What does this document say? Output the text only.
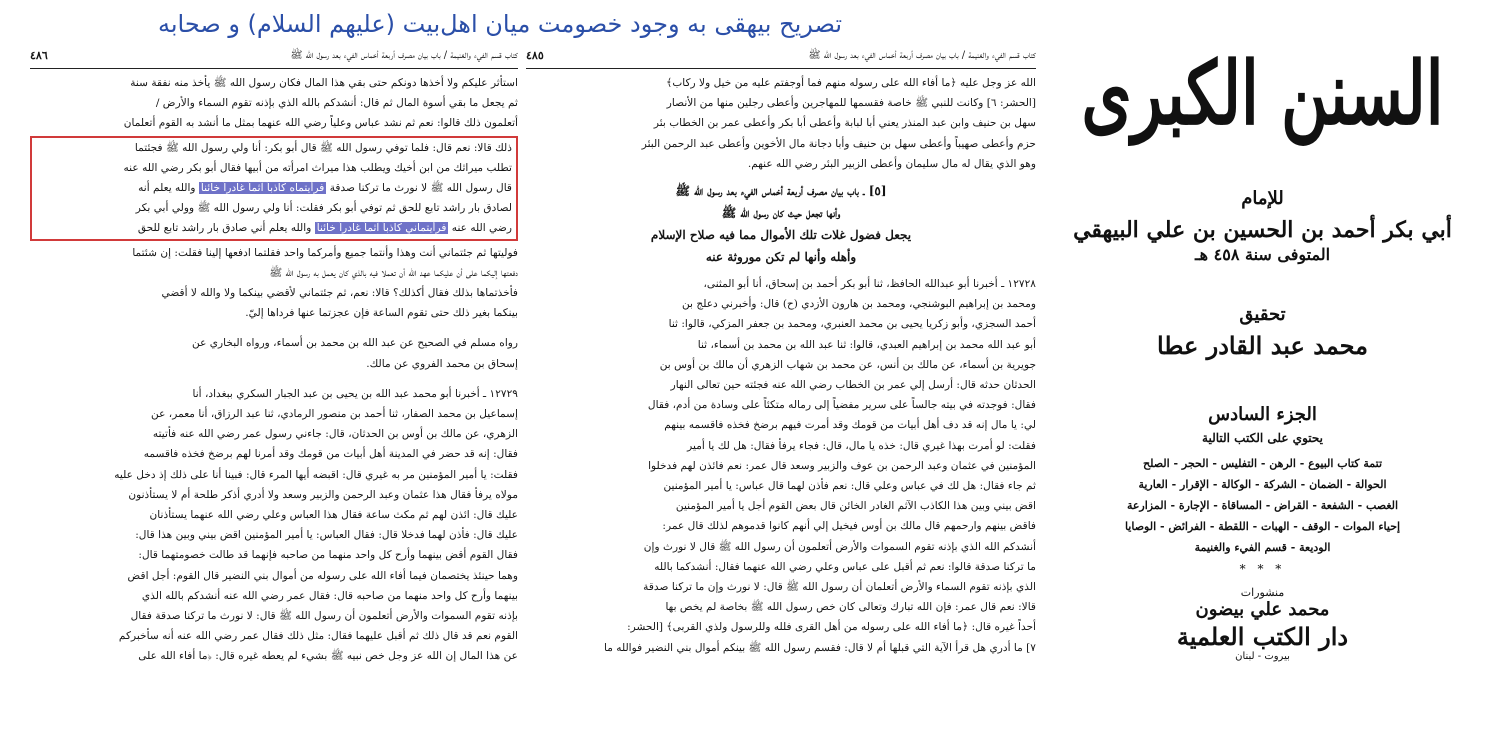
تصریح بیهقی به وجود خصومت میان اهل‌بیت (علیهم السلام) و صحابه
كتاب قسم الفيء والغنيمة / باب بيان مصرف أربعة أخماس الفيء بعد رسول الله ﷺ
٤٨٦
استأثر عليكم ولا أخذها دونكم حتى بقي هذا المال فكان رسول الله ﷺ يأخذ منه نفقة سنة
ثم يجعل ما بقي أسوة المال ثم قال: أنشدكم بالله الذي بإذنه تقوم السماء والأرض /
أتعلمون ذلك قالوا: نعم ثم نشد عباس وعلياً رضي الله عنهما بمثل ما أنشد به القوم أتعلمان
ذلك قالا: نعم قال: فلما توفي رسول الله ﷺ قال أبو بكر: أنا ولي رسول الله ﷺ فجئتما
تطلب ميراثك من ابن أخيك ويطلب هذا ميراث امرأته من أبيها فقال أبو بكر رضي الله عنه
قال رسول الله ﷺ لا نورث ما تركنا صدقة فرأيتماه كاذباً آثماً غادراً خائناً والله يعلم أنه
لصادق بار راشد تابع للحق ثم توفي أبو بكر فقلت: أنا ولي رسول الله ﷺ وولي أبي بكر
رضي الله عنه فرأيتماني كاذباً آثماً غادراً خائناً والله يعلم أني صادق بار راشد تابع للحق
فوليتها ثم جئتماني أنت وهذا وأنتما جميع وأمركما واحد فقلتما ادفعها إلينا فقلت: إن شئتما
دفعتها إليكما على أن عليكما عهد الله أن تعملا فيه بالذي كان يعمل به رسول الله ﷺ
فأخذتماها بذلك فقال أكذلك؟ قالا: نعم، ثم جئتماني لأقضي بينكما ولا والله لا أقضي
بينكما بغير ذلك حتى تقوم الساعة فإن عجزتما عنها فرداها إليّ.
رواه مسلم في الصحيح عن عبد الله بن محمد بن أسماء، ورواه البخاري عن
إسحاق بن محمد الفروي عن مالك.
١٢٧٢٩ ـ أخبرنا أبو محمد عبد الله بن يحيى بن عبد الجبار السكري ببغداد، أنا
إسماعيل بن محمد الصفار، ثنا أحمد بن منصور الرمادي، ثنا عبد الرزاق، أنا معمر، عن
الزهري، عن مالك بن أوس بن الحدثان، قال: جاءني رسول عمر رضي الله عنه فأتيته
فقال: إنه قد حضر في المدينة أهل أبيات من قومك وقد أمرنا لهم برضخ فخذه فاقسمه
فقلت: يا أمير المؤمنين مر به غيري قال: اقبضه أيها المرء قال: فبينا أنا على ذلك إذ دخل عليه
مولاه يرفأ فقال هذا عثمان وعبد الرحمن والزبير وسعد ولا أدري أذكر طلحة أم لا يستأذنون
عليك قال: ائذن لهم ثم مكث ساعة فقال هذا العباس وعلي رضي الله عنهما يستأذنان
عليك قال: فأذن لهما فدخلا قال: فقال العباس: يا أمير المؤمنين اقض بيني وبين هذا قال:
فقال القوم أقض بينهما وأرح كل واحد منهما من صاحبه فإنهما قد طالت خصومتهما قال:
وهما حينئذ يختصمان فيما أفاء الله على رسوله من أموال بني النضير قال القوم: أجل اقض
بينهما وأرح كل واحد منهما من صاحبه قال: فقال عمر رضي الله عنه أنشدكم بالله الذي
بإذنه تقوم السموات والأرض أتعلمون أن رسول الله ﷺ قال: لا نورث ما تركنا صدقة فقال
القوم نعم قد قال ذلك ثم أقبل عليهما فقال: مثل ذلك فقال عمر رضي الله عنه أنه سأخبركم
عن هذا المال إن الله عز وجل خص نبيه ﷺ بشيء لم يعطه غيره قال: ﴿ما أفاء الله على
كتاب قسم الفيء والغنيمة / باب بيان مصرف أربعة أخماس الفيء بعد رسول الله ﷺ
٤٨٥
الله عز وجل عليه ﴿ما أفاء الله على رسوله منهم فما أوجفتم عليه من خيل ولا ركاب﴾
[الحشر: ٦] وكانت للنبي ﷺ خاصة فقسمها للمهاجرين وأعطى رجلين منها من الأنصار
سهل بن حنيف وابن عبد المنذر يعني أبا لبابة وأعطى أبا بكر وأعطى عمر بن الخطاب بئر
حزم وأعطى صهيباً وأعطى سهل بن حنيف وأبا دجانة مال الأخوين وأعطى عبد الرحمن البئر
وهو الذي يقال له مال سليمان وأعطى الزبير البئر رضي الله عنهم.
[٥] ـ باب بيان مصرف أربعة أخماس الفيء بعد رسول الله ﷺ
وأنها تجعل حيث كان رسول الله ﷺ
يجعل فضول غلات تلك الأموال مما فيه صلاح الإسلام
وأهله وأنها لم تكن موروثة عنه
١٢٧٢٨ ـ أخبرنا أبو عبدالله الحافظ، ثنا أبو بكر أحمد بن إسحاق، أنا أبو المثنى،
ومحمد بن إبراهيم البوشنجي، ومحمد بن هارون الأزدي (ح) قال: وأخبرني دعلج بن
أحمد السجزي، وأبو زكريا يحيى بن محمد العنبري، ومحمد بن جعفر المزكي، قالوا: ثنا
أبو عبد الله محمد بن إبراهيم العبدي، قالوا: ثنا عبد الله بن محمد بن أسماء، ثنا
جويرية بن أسماء، عن مالك بن أنس، عن محمد بن شهاب الزهري أن مالك بن أوس بن
الحدثان حدثه قال: أرسل إلي عمر بن الخطاب رضي الله عنه فجئته حين تعالى النهار
فقال: فوجدته في بيته جالساً على سرير مفضياً إلى رماله متكئاً على وسادة من أدم، فقال
لي: يا مال إنه قد دف أهل أبيات من قومك وقد أمرت فيهم برضخ فخذه فاقسمه بينهم
فقلت: لو أمرت بهذا غيري قال: خذه يا مال، قال: فجاء يرفأ فقال: هل لك يا أمير
المؤمنين في عثمان وعبد الرحمن بن عوف والزبير وسعد قال عمر: نعم فائذن لهم فدخلوا
ثم جاء فقال: هل لك في عباس وعلي قال: نعم فأذن لهما قال عباس: يا أمير المؤمنين
اقض بيني وبين هذا الكاذب الآثم الغادر الخائن قال بعض القوم أجل يا أمير المؤمنين
فاقض بينهم وارحمهم قال مالك بن أوس فيخيل إلي أنهم كانوا قدموهم لذلك قال عمر:
أنشدكم الله الذي بإذنه تقوم السموات والأرض أتعلمون أن رسول الله ﷺ قال لا نورث وإن
ما تركنا صدقة قالوا: نعم ثم أقبل على عباس وعلي رضي الله عنهما فقال: أنشدكما بالله
الذي بإذنه تقوم السماء والأرض أتعلمان أن رسول الله ﷺ قال: لا نورث وإن ما تركنا صدقة
قالا: نعم قال عمر: فإن الله تبارك وتعالى كان خص رسول الله ﷺ بخاصة لم يخص بها
أحداً غيره قال: ﴿ما أفاء الله على رسوله من أهل القرى فلله وللرسول ولذي القربى﴾ [الحشر:
٧] ما أدري هل قرأ الآية التي قبلها أم لا قال: فقسم رسول الله ﷺ بينكم أموال بني النضير فوالله ما
السنن الكبرى
للإمام
أبي بكر أحمد بن الحسين بن علي البيهقي
المتوفى سنة ٤٥٨ هـ
تحقيق
محمد عبد القادر عطا
الجزء السادس
يحتوي على الكتب التالية
تتمة كتاب البيوع - الرهن - التفليس - الحجر - الصلح
الحوالة - الضمان - الشركة - الوكالة - الإقرار - العارية
الغصب - الشفعة - القراض - المساقاة - الإجارة - المزارعة
إحياء الموات - الوقف - الهبات - اللقطة - الفرائض - الوصايا
الوديعة - قسم الفيء والغنيمة
* * *
منشورات
محمد علي بيضون
دار الكتب العلمية
بيروت - لبنان
